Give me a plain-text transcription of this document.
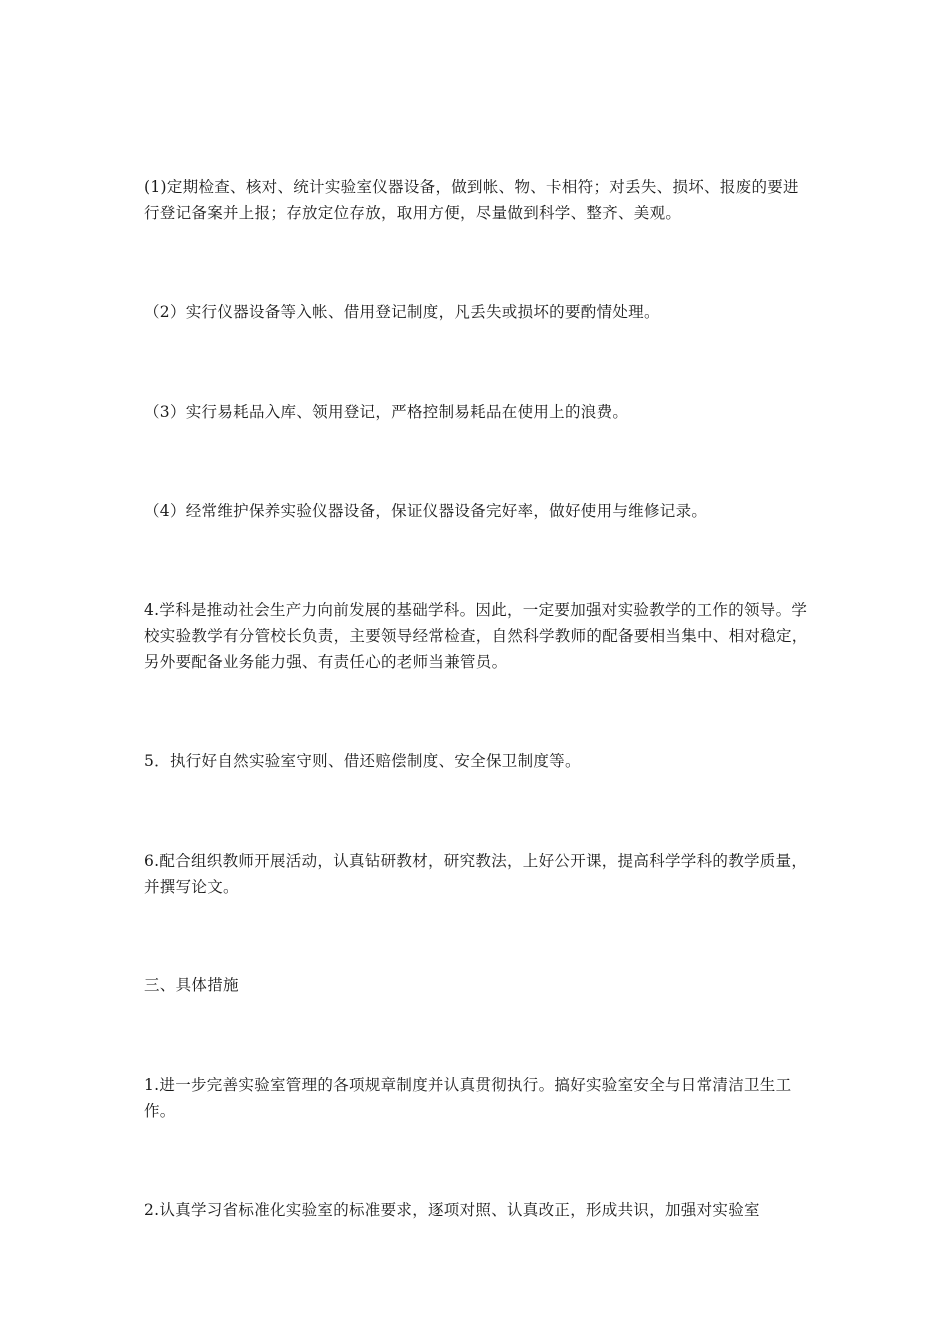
(1)定期检查、核对、统计实验室仪器设备，做到帐、物、卡相符；对丢失、损坏、报废的要进行登记备案并上报；存放定位存放，取用方便，尽量做到科学、整齐、美观。

（2）实行仪器设备等入帐、借用登记制度，凡丢失或损坏的要酌情处理。

（3）实行易耗品入库、领用登记，严格控制易耗品在使用上的浪费。

（4）经常维护保养实验仪器设备，保证仪器设备完好率，做好使用与维修记录。

4.学科是推动社会生产力向前发展的基础学科。因此，一定要加强对实验教学的工作的领导。学校实验教学有分管校长负责，主要领导经常检查，自然科学教师的配备要相当集中、相对稳定，另外要配备业务能力强、有责任心的老师当兼管员。

5．执行好自然实验室守则、借还赔偿制度、安全保卫制度等。

6.配合组织教师开展活动，认真钻研教材，研究教法，上好公开课，提高科学学科的教学质量，并撰写论文。

三、具体措施

1.进一步完善实验室管理的各项规章制度并认真贯彻执行。搞好实验室安全与日常清洁卫生工作。

2.认真学习省标准化实验室的标准要求，逐项对照、认真改正，形成共识，加强对实验室
